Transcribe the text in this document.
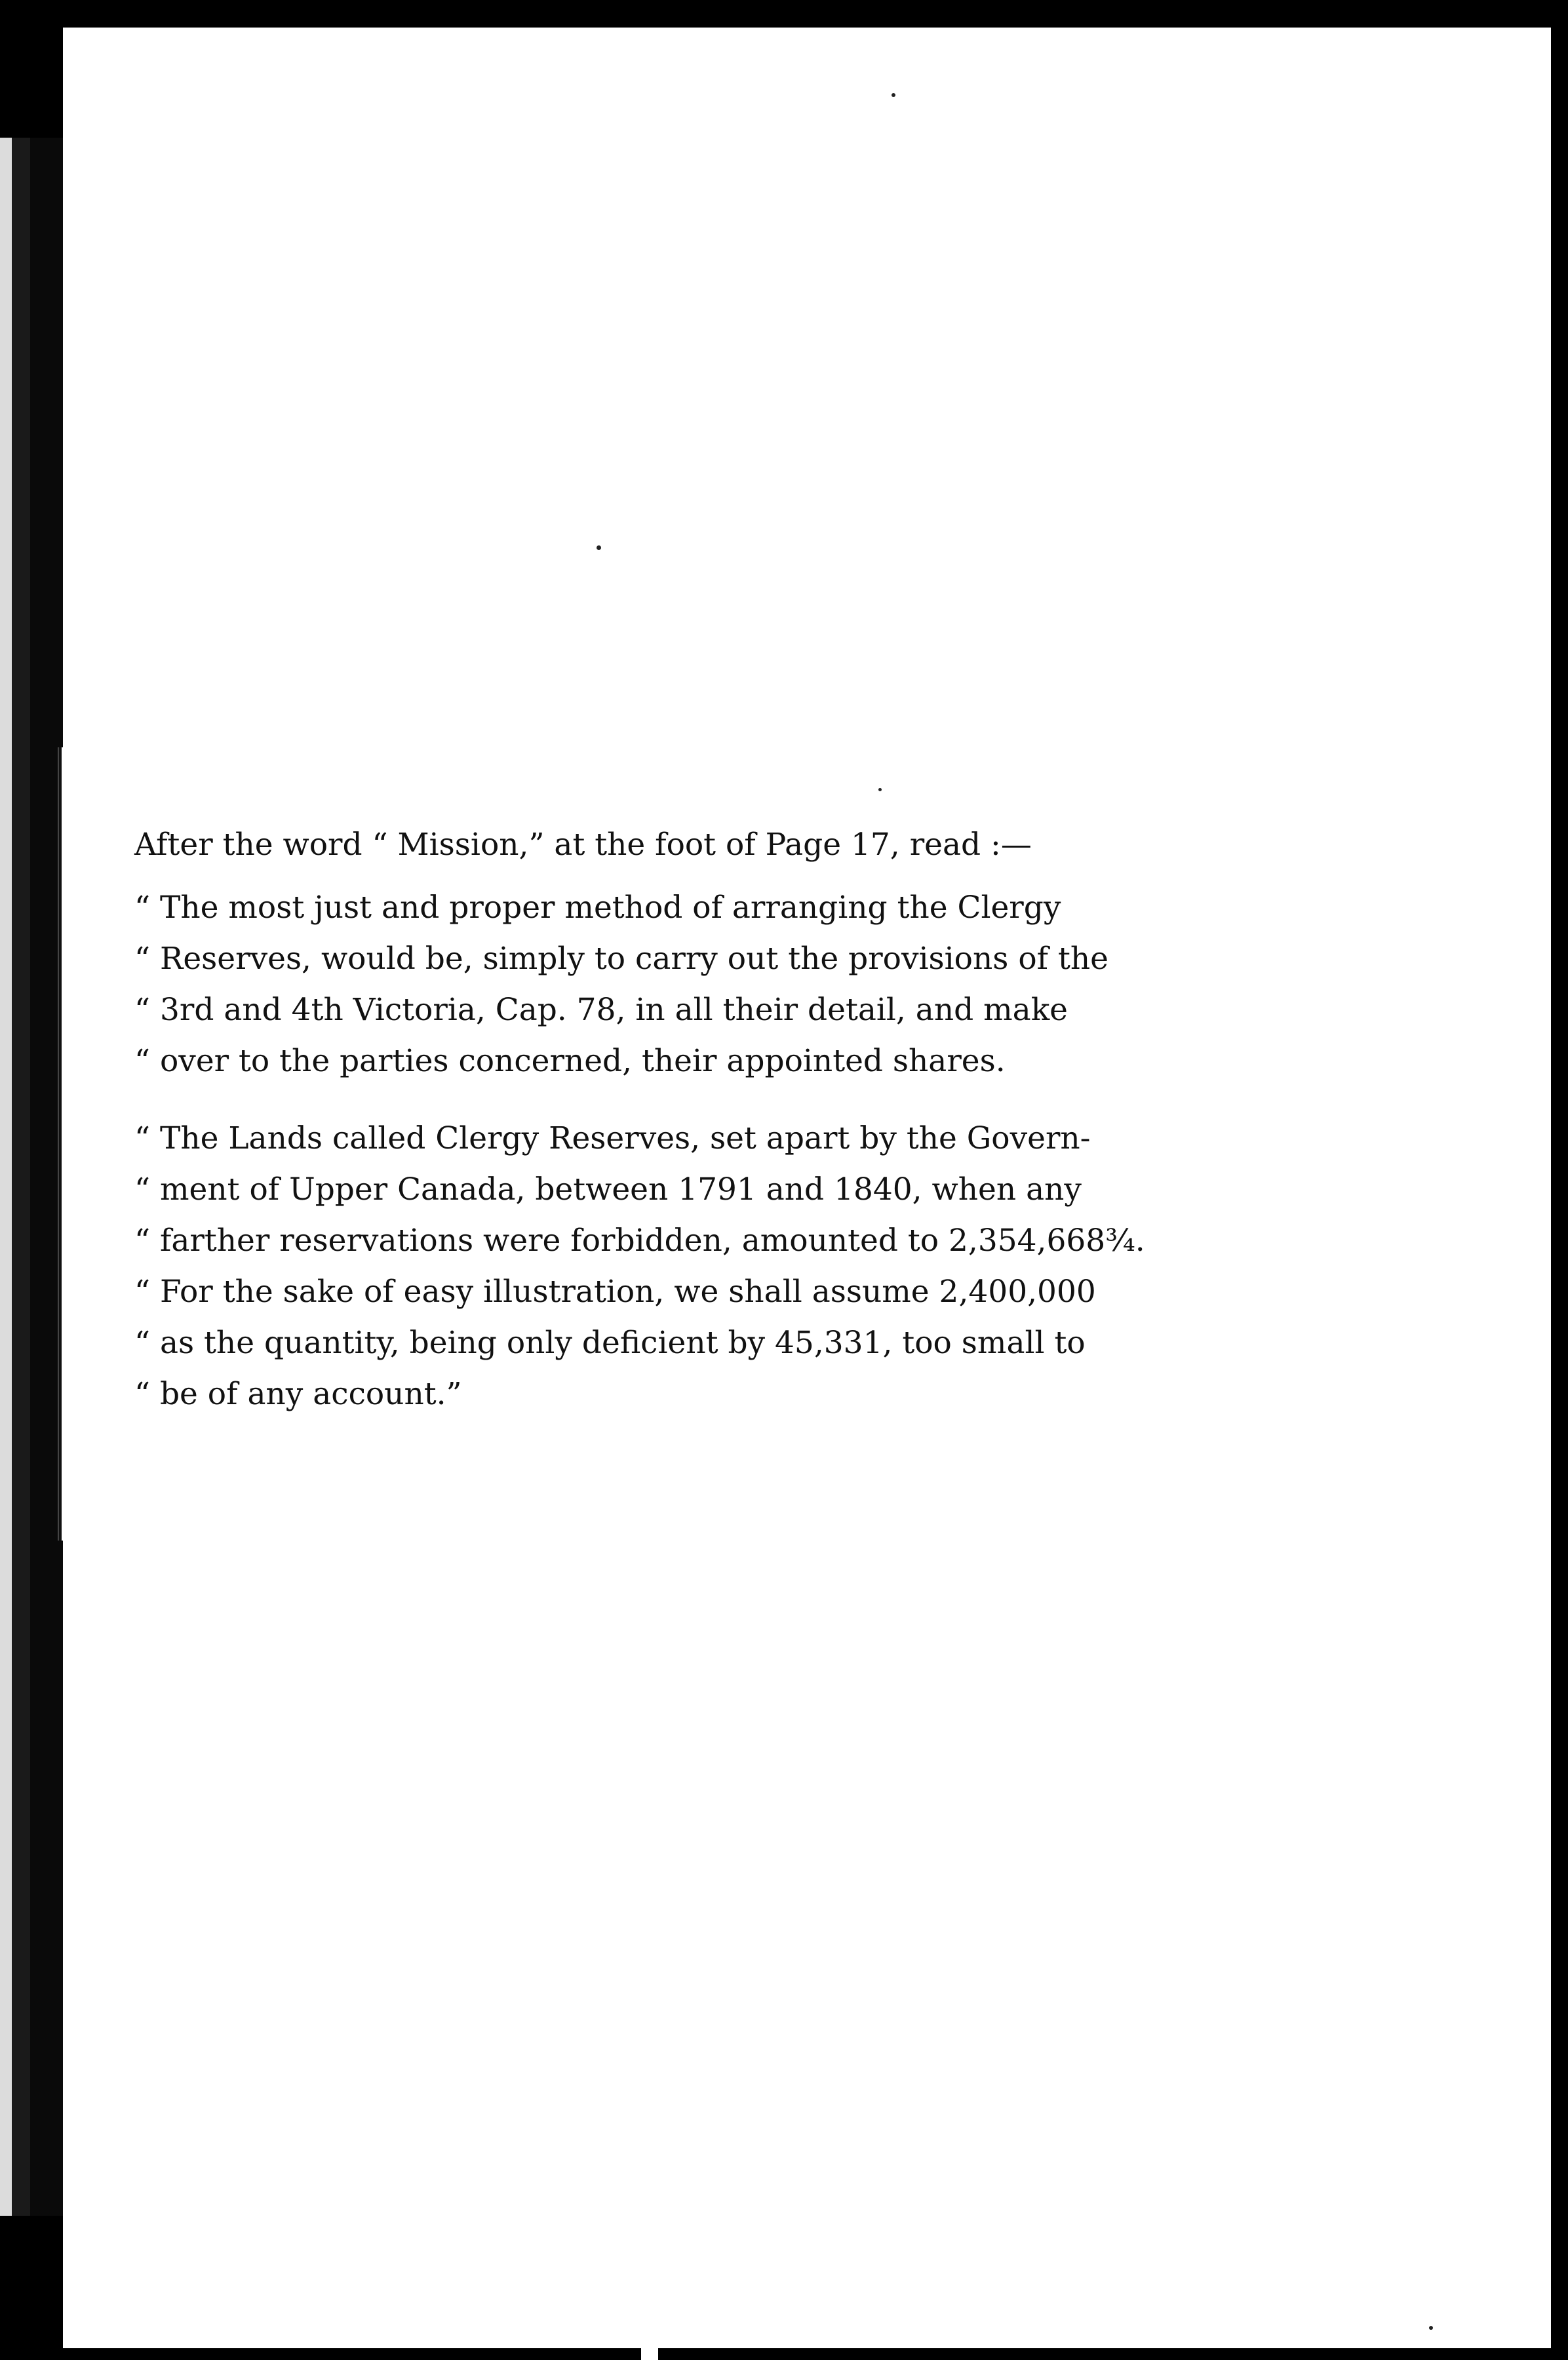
After the word “ Mission,” at the foot of Page 17, read :—
“ The most just and proper method of arranging the Clergy
“ Reserves, would be, simply to carry out the provisions of the
“ 3rd and 4th Victoria, Cap. 78, in all their detail, and make
“ over to the parties concerned, their appointed shares.
“ The Lands called Clergy Reserves, set apart by the Govern-
“ ment of Upper Canada, between 1791 and 1840, when any
“ farther reservations were forbidden, amounted to 2,354,668¾.
“ For the sake of easy illustration, we shall assume 2,400,000
“ as the quantity, being only deficient by 45,331, too small to
“ be of any account.”
